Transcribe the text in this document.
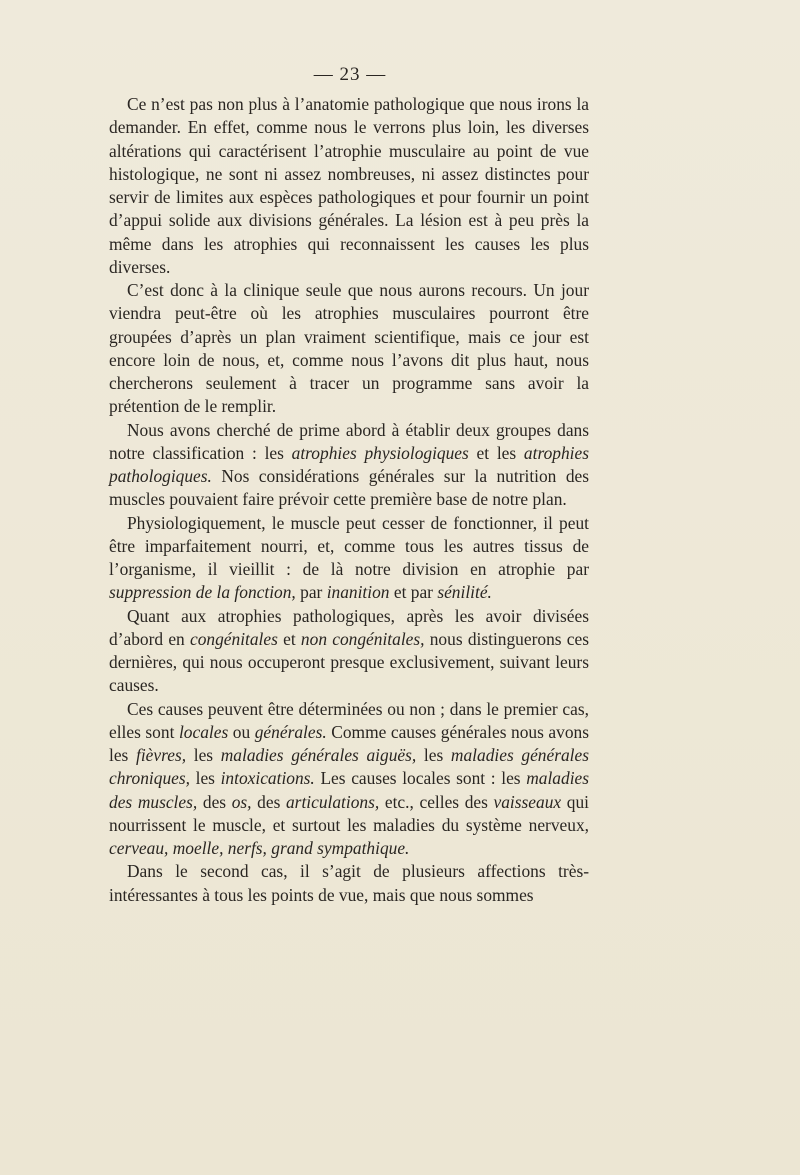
— 23 —

Ce n’est pas non plus à l’anatomie pathologique que nous irons la demander. En effet, comme nous le verrons plus loin, les diverses altérations qui caractérisent l’atrophie musculaire au point de vue histologique, ne sont ni assez nombreuses, ni assez distinctes pour servir de limites aux espèces pathologiques et pour fournir un point d’appui solide aux divisions générales. La lésion est à peu près la même dans les atrophies qui reconnaissent les causes les plus diverses.

C’est donc à la clinique seule que nous aurons recours. Un jour viendra peut-être où les atrophies musculaires pourront être groupées d’après un plan vraiment scientifique, mais ce jour est encore loin de nous, et, comme nous l’avons dit plus haut, nous chercherons seulement à tracer un programme sans avoir la prétention de le remplir.

Nous avons cherché de prime abord à établir deux groupes dans notre classification : les atrophies physiologiques et les atrophies pathologiques. Nos considérations générales sur la nutrition des muscles pouvaient faire prévoir cette première base de notre plan.

Physiologiquement, le muscle peut cesser de fonctionner, il peut être imparfaitement nourri, et, comme tous les autres tissus de l’organisme, il vieillit : de là notre division en atrophie par suppression de la fonction, par inanition et par sénilité.

Quant aux atrophies pathologiques, après les avoir divisées d’abord en congénitales et non congénitales, nous distinguerons ces dernières, qui nous occuperont presque exclusivement, suivant leurs causes.

Ces causes peuvent être déterminées ou non ; dans le premier cas, elles sont locales ou générales. Comme causes générales nous avons les fièvres, les maladies générales aiguës, les maladies générales chroniques, les intoxications. Les causes locales sont : les maladies des muscles, des os, des articulations, etc., celles des vaisseaux qui nourrissent le muscle, et surtout les maladies du système nerveux, cerveau, moelle, nerfs, grand sympathique.

Dans le second cas, il s’agit de plusieurs affections très-intéressantes à tous les points de vue, mais que nous sommes
